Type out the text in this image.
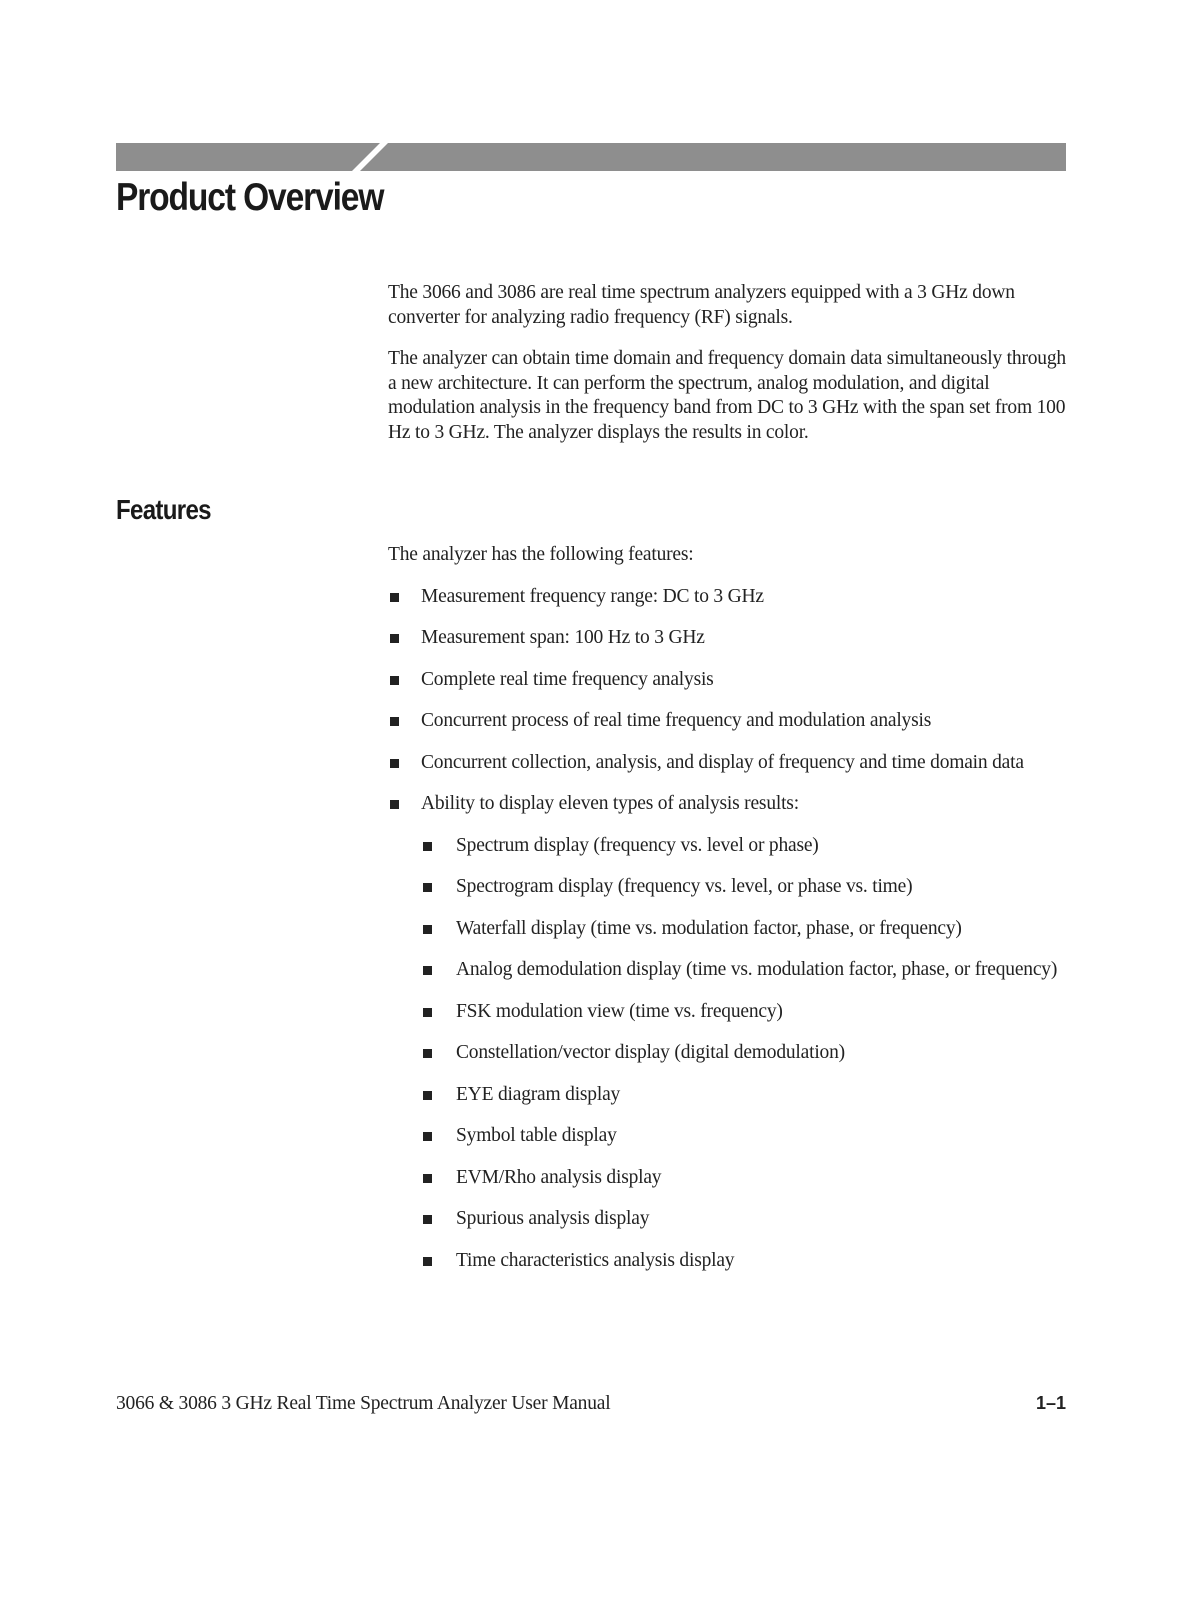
Product Overview

The 3066 and 3086 are real time spectrum analyzers equipped with a 3 GHz down converter for analyzing radio frequency (RF) signals.

The analyzer can obtain time domain and frequency domain data simultaneously through a new architecture. It can perform the spectrum, analog modulation, and digital modulation analysis in the frequency band from DC to 3 GHz with the span set from 100 Hz to 3 GHz. The analyzer displays the results in color.

Features

The analyzer has the following features:

Measurement frequency range: DC to 3 GHz
Measurement span: 100 Hz to 3 GHz
Complete real time frequency analysis
Concurrent process of real time frequency and modulation analysis
Concurrent collection, analysis, and display of frequency and time domain data
Ability to display eleven types of analysis results:
Spectrum display (frequency vs. level or phase)
Spectrogram display (frequency vs. level, or phase vs. time)
Waterfall display (time vs. modulation factor, phase, or frequency)
Analog demodulation display (time vs. modulation factor, phase, or frequency)
FSK modulation view (time vs. frequency)
Constellation/vector display (digital demodulation)
EYE diagram display
Symbol table display
EVM/Rho analysis display
Spurious analysis display
Time characteristics analysis display
3066 & 3086 3 GHz Real Time Spectrum Analyzer User Manual	1–1
